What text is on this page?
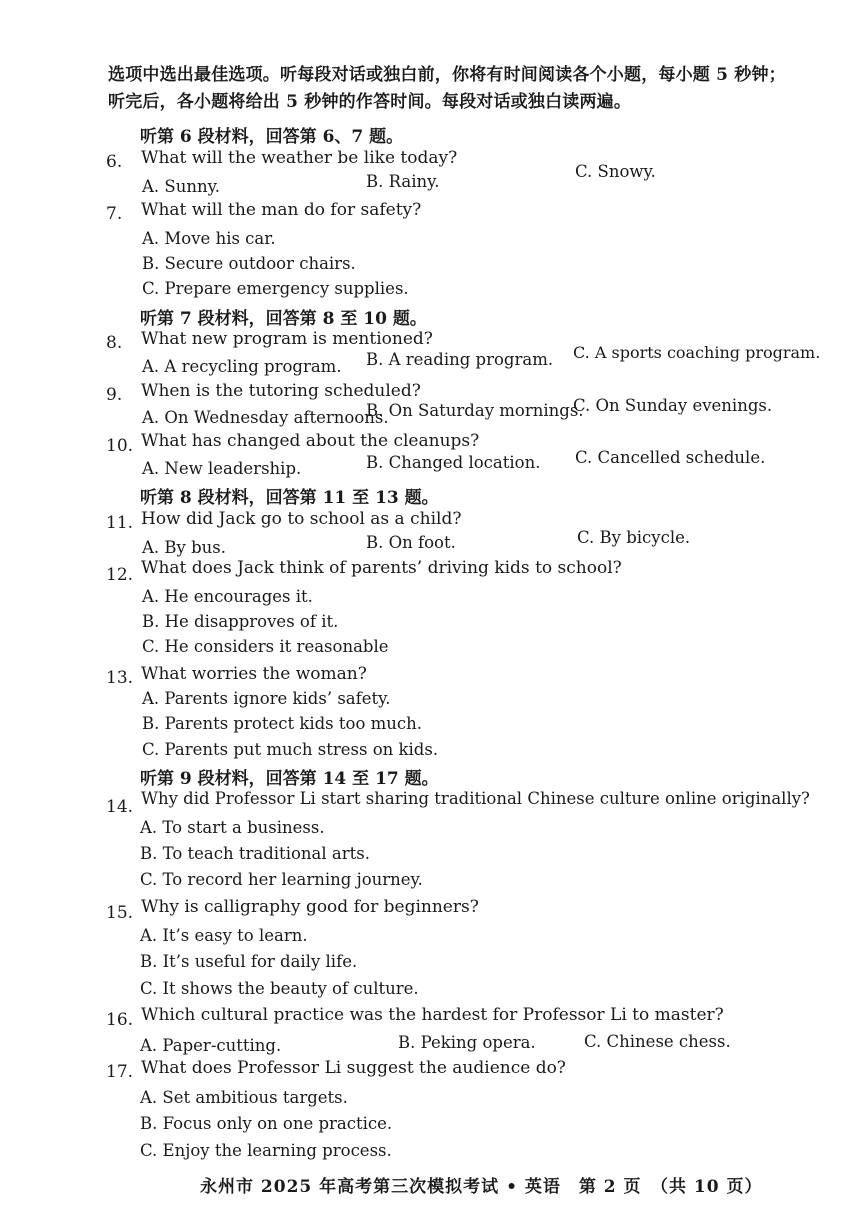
选项中选出最佳选项。听每段对话或独白前，你将有时间阅读各个小题，每小题 5 秒钟；
听完后，各小题将给出 5 秒钟的作答时间。每段对话或独白读两遍。
听第 6 段材料，回答第 6、7 题。
6. What will the weather be like today?
A. Sunny.	B. Rainy.
C. Snowy.
7. What will the man do for safety?
A. Move his car.
B. Secure outdoor chairs.
C. Prepare emergency supplies.
听第 7 段材料，回答第 8 至 10 题。
8. What new program is mentioned?
A. A recycling program. B. A reading program. C. A sports coaching program.
9. When is the tutoring scheduled?
A. On Wednesday afternoons.
B. On Saturday mornings.
C. On Sunday evenings.
10. What has changed about the cleanups?
A. New leadership.	B. Changed location. C. Cancelled schedule.
听第 8 段材料，回答第 11 至 13 题。
11. How did Jack go to school as a child?
A. By bus.	B. On foot.	C. By bicycle.
12. What does Jack think of parents’ driving kids to school?
A. He encourages it.
B. He disapproves of it.
C. He considers it reasonable
13. What worries the woman?
A. Parents ignore kids’ safety.
B. Parents protect kids too much.
C. Parents put much stress on kids.
听第 9 段材料，回答第 14 至 17 题。
14. Why did Professor Li start sharing traditional Chinese culture online originally?
A. To start a business.
B. To teach traditional arts.
C. To record her learning journey.
15. Why is calligraphy good for beginners?
A. It’s easy to learn.
B. It’s useful for daily life.
C. It shows the beauty of culture.
16. Which cultural practice was the hardest for Professor Li to master?
A. Paper-cutting.	B. Peking opera.	C. Chinese chess.
17. What does Professor Li suggest the audience do?
A. Set ambitious targets.
B. Focus only on one practice.
C. Enjoy the learning process.
永州市 2025 年高考第三次模拟考试 • 英语　第 2 页　（共 10 页）
